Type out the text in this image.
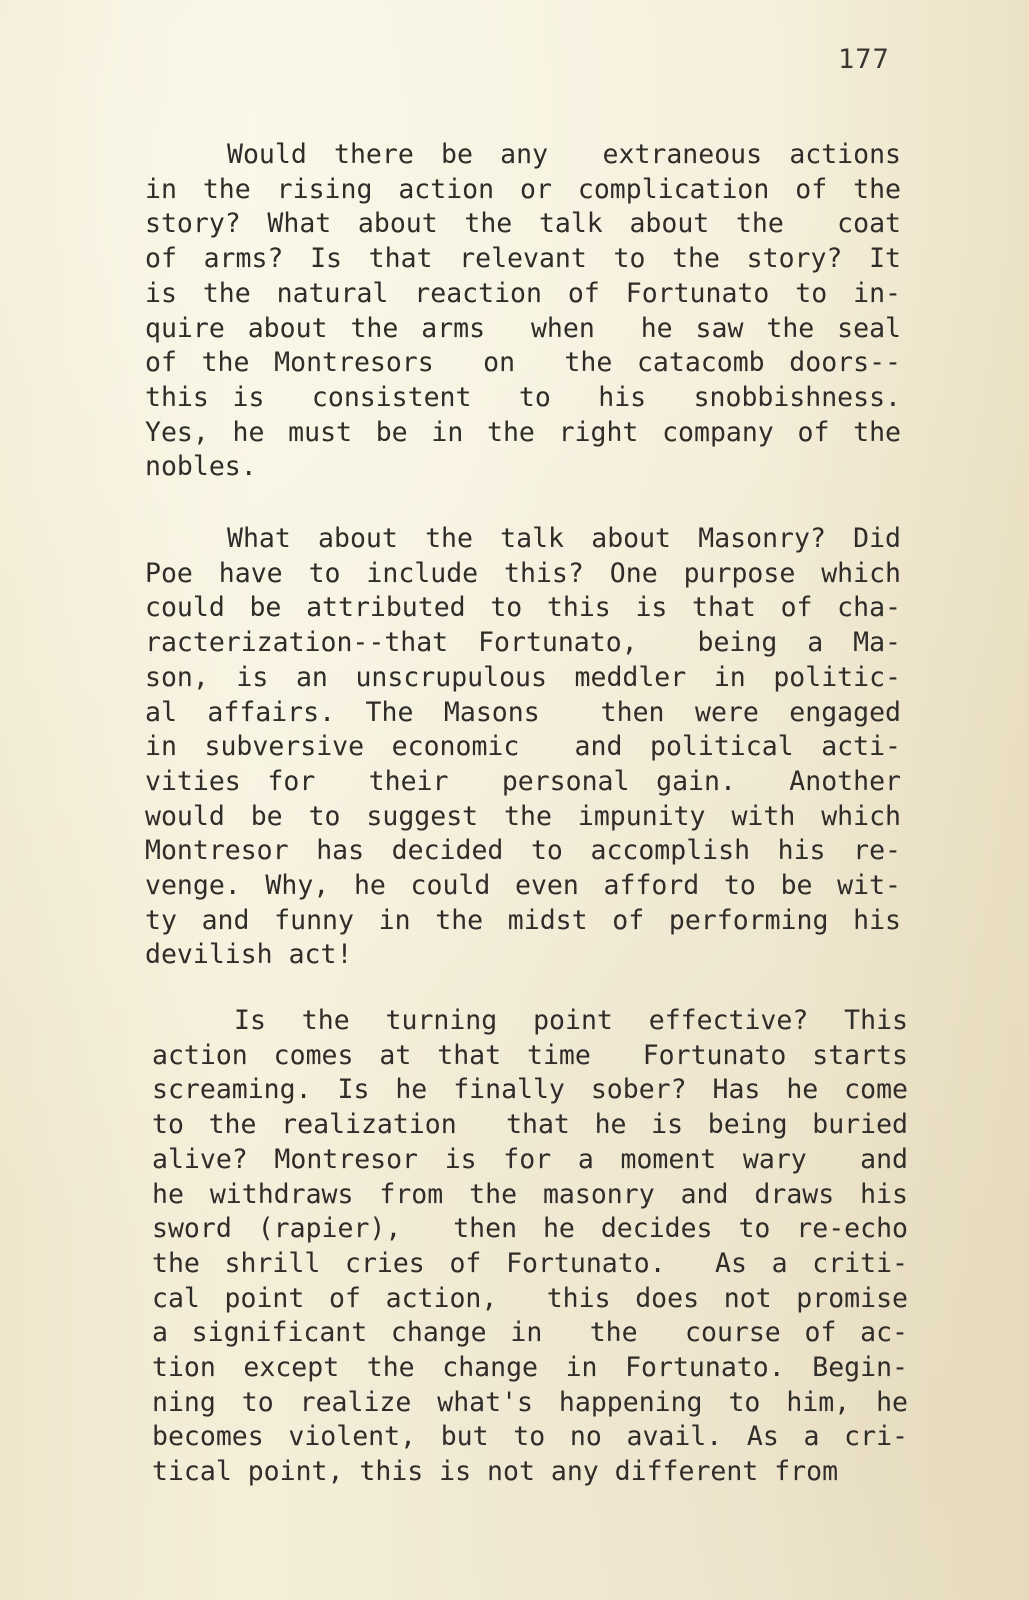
177
Would there be any  extraneous actions
in the rising action or complication of the
story? What about the talk about the  coat
of arms? Is that relevant to the story? It
is the natural reaction of Fortunato to in-
quire about the arms  when  he saw the seal
of the Montresors  on  the catacomb doors--
this is  consistent  to  his  snobbishness.
Yes, he must be in the right company of the
nobles.
What about the talk about Masonry? Did
Poe have to include this? One purpose which
could be attributed to this is that of cha-
racterization--that Fortunato,  being a Ma-
son, is an unscrupulous meddler in politic-
al affairs. The Masons  then were engaged
in subversive economic  and political acti-
vities for  their  personal gain.  Another
would be to suggest the impunity with which
Montresor has decided to accomplish his re-
venge. Why, he could even afford to be wit-
ty and funny in the midst of performing his
devilish act!
Is the turning point effective? This
action comes at that time  Fortunato starts
screaming. Is he finally sober? Has he come
to the realization  that he is being buried
alive? Montresor is for a moment wary  and
he withdraws from the masonry and draws his
sword (rapier),  then he decides to re-echo
the shrill cries of Fortunato.  As a criti-
cal point of action,  this does not promise
a significant change in  the  course of ac-
tion except the change in Fortunato. Begin-
ning to realize what's happening to him, he
becomes violent, but to no avail. As a cri-
tical point, this is not any different from
